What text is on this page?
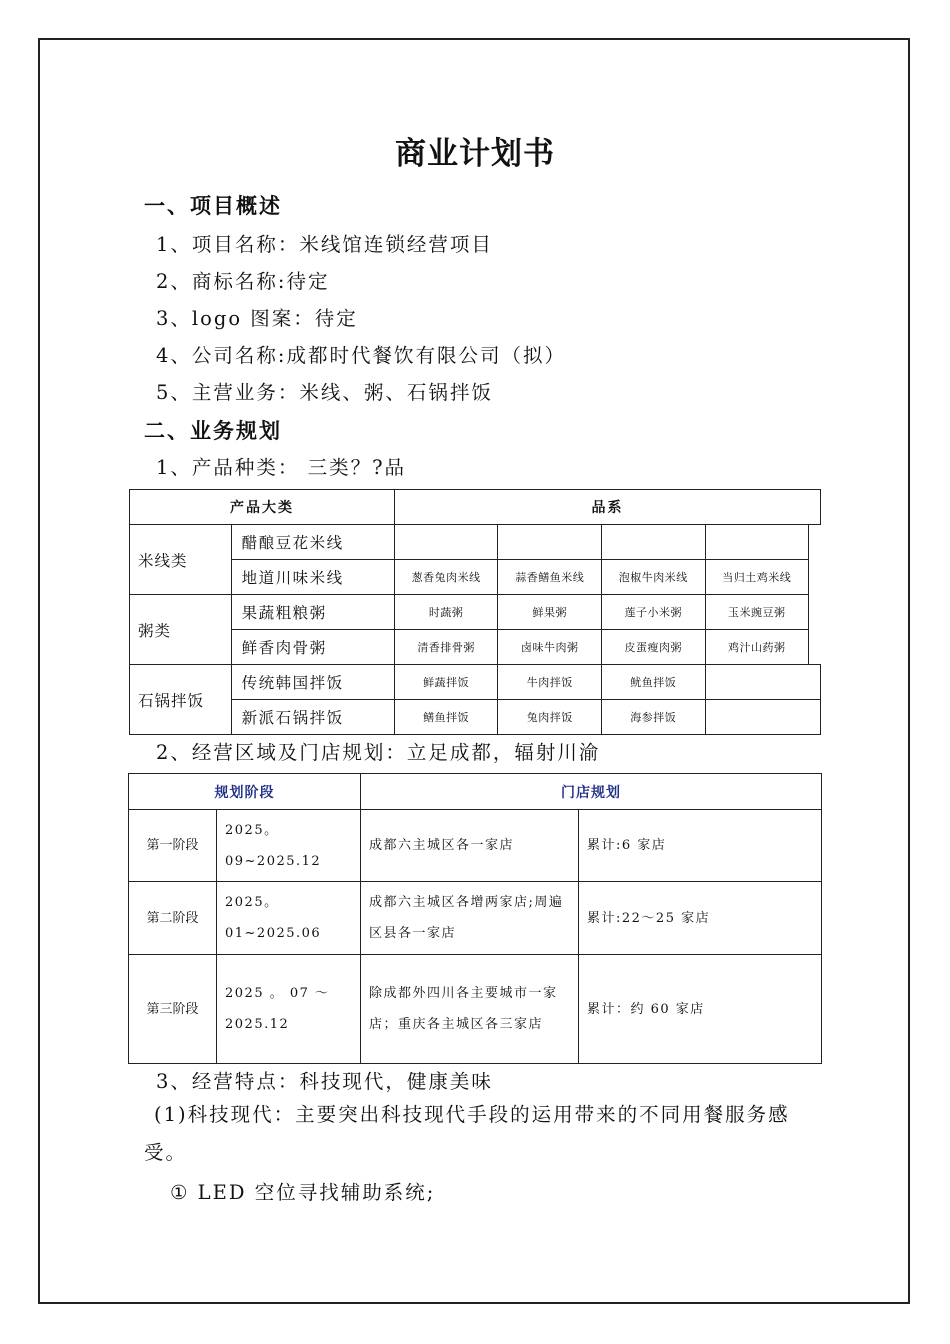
商业计划书
一、项目概述
1、项目名称：米线馆连锁经营项目
2、商标名称:待定
3、logo 图案：待定
4、公司名称:成都时代餐饮有限公司（拟）
5、主营业务：米线、粥、石锅拌饭
二、业务规划
1、产品种类： 三类？?品
产品大类		品系				
米线类	醋酿豆花米线					
	地道川味米线	葱香兔肉米线	蒜香鳝鱼米线	泡椒牛肉米线	当归土鸡米线	
粥类	果蔬粗粮粥	时蔬粥	鲜果粥	莲子小米粥	玉米豌豆粥	
	鲜香肉骨粥	清香排骨粥	卤味牛肉粥	皮蛋瘦肉粥	鸡汁山药粥	
石锅拌饭	传统韩国拌饭	鲜蔬拌饭	牛肉拌饭	鱿鱼拌饭		
	新派石锅拌饭	鳝鱼拌饭	兔肉拌饭	海参拌饭		
2、经营区域及门店规划：立足成都，辐射川渝
规划阶段		门店规划	
第一阶段	2025。09~2025.12	成都六主城区各一家店	累计:6 家店
第二阶段	2025。01~2025.06	成都六主城区各增两家店;周遍区县各一家店	累计:22～25 家店
第三阶段	2025 。 07 ～2025.12	除成都外四川各主要城市一家店；重庆各主城区各三家店	累计：约 60 家店
3、经营特点：科技现代，健康美味
(1)科技现代：主要突出科技现代手段的运用带来的不同用餐服务感受。
① LED 空位寻找辅助系统;
